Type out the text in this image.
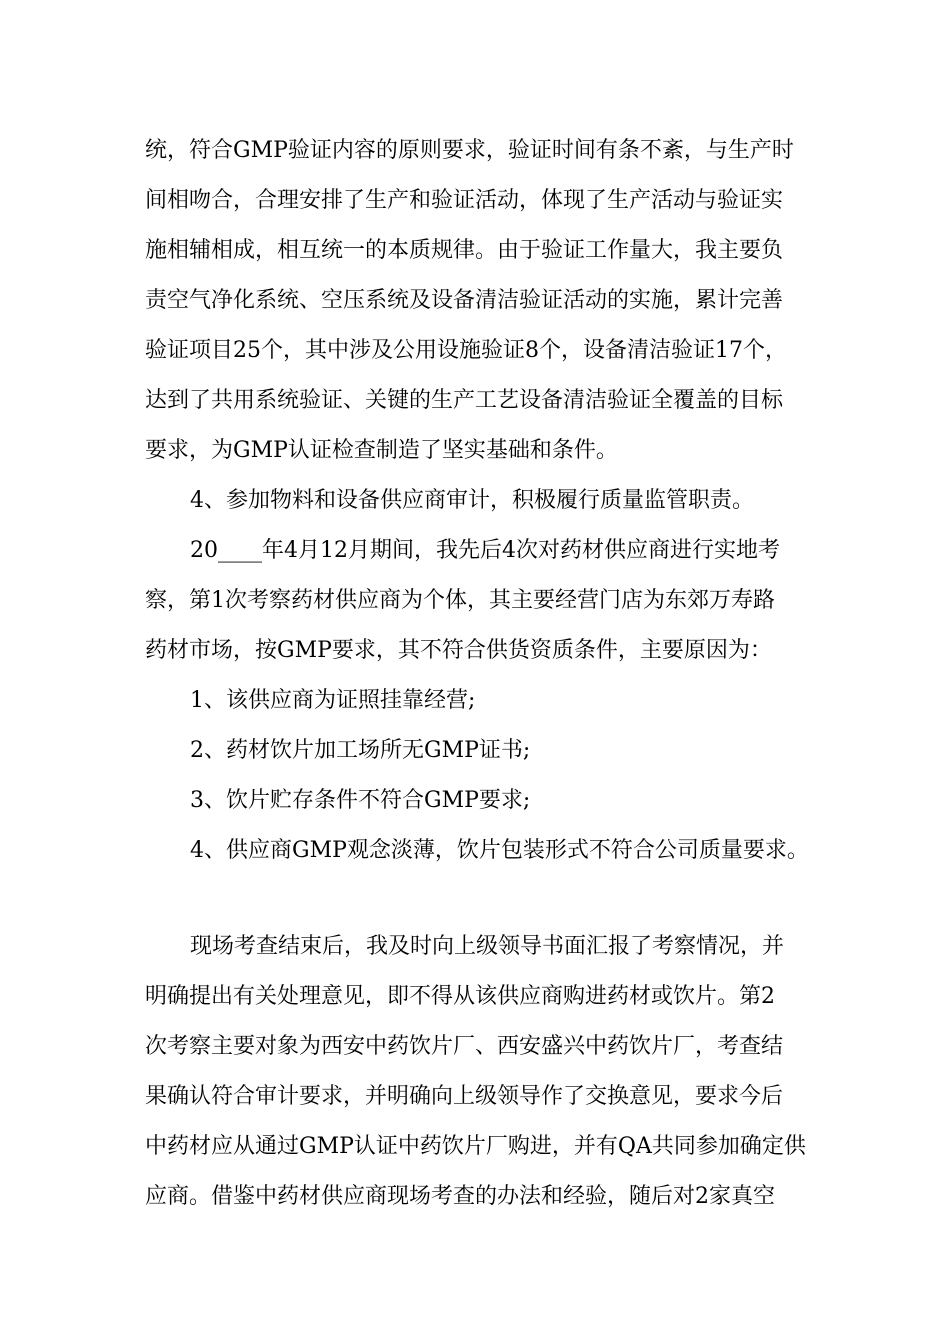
统，符合GMP验证内容的原则要求，验证时间有条不紊，与生产时
间相吻合，合理安排了生产和验证活动，体现了生产活动与验证实
施相辅相成，相互统一的本质规律。由于验证工作量大，我主要负
责空气净化系统、空压系统及设备清洁验证活动的实施，累计完善
验证项目25个，其中涉及公用设施验证8个，设备清洁验证17个，
达到了共用系统验证、关键的生产工艺设备清洁验证全覆盖的目标
要求，为GMP认证检查制造了坚实基础和条件。
4、参加物料和设备供应商审计，积极履行质量监管职责。
20____年4月12月期间，我先后4次对药材供应商进行实地考
察，第1次考察药材供应商为个体，其主要经营门店为东郊万寿路
药材市场，按GMP要求，其不符合供货资质条件，主要原因为：
1、该供应商为证照挂靠经营;
2、药材饮片加工场所无GMP证书;
3、饮片贮存条件不符合GMP要求;
4、供应商GMP观念淡薄，饮片包装形式不符合公司质量要求。
现场考查结束后，我及时向上级领导书面汇报了考察情况，并
明确提出有关处理意见，即不得从该供应商购进药材或饮片。第2
次考察主要对象为西安中药饮片厂、西安盛兴中药饮片厂，考查结
果确认符合审计要求，并明确向上级领导作了交换意见，要求今后
中药材应从通过GMP认证中药饮片厂购进，并有QA共同参加确定供
应商。借鉴中药材供应商现场考查的办法和经验，随后对2家真空
